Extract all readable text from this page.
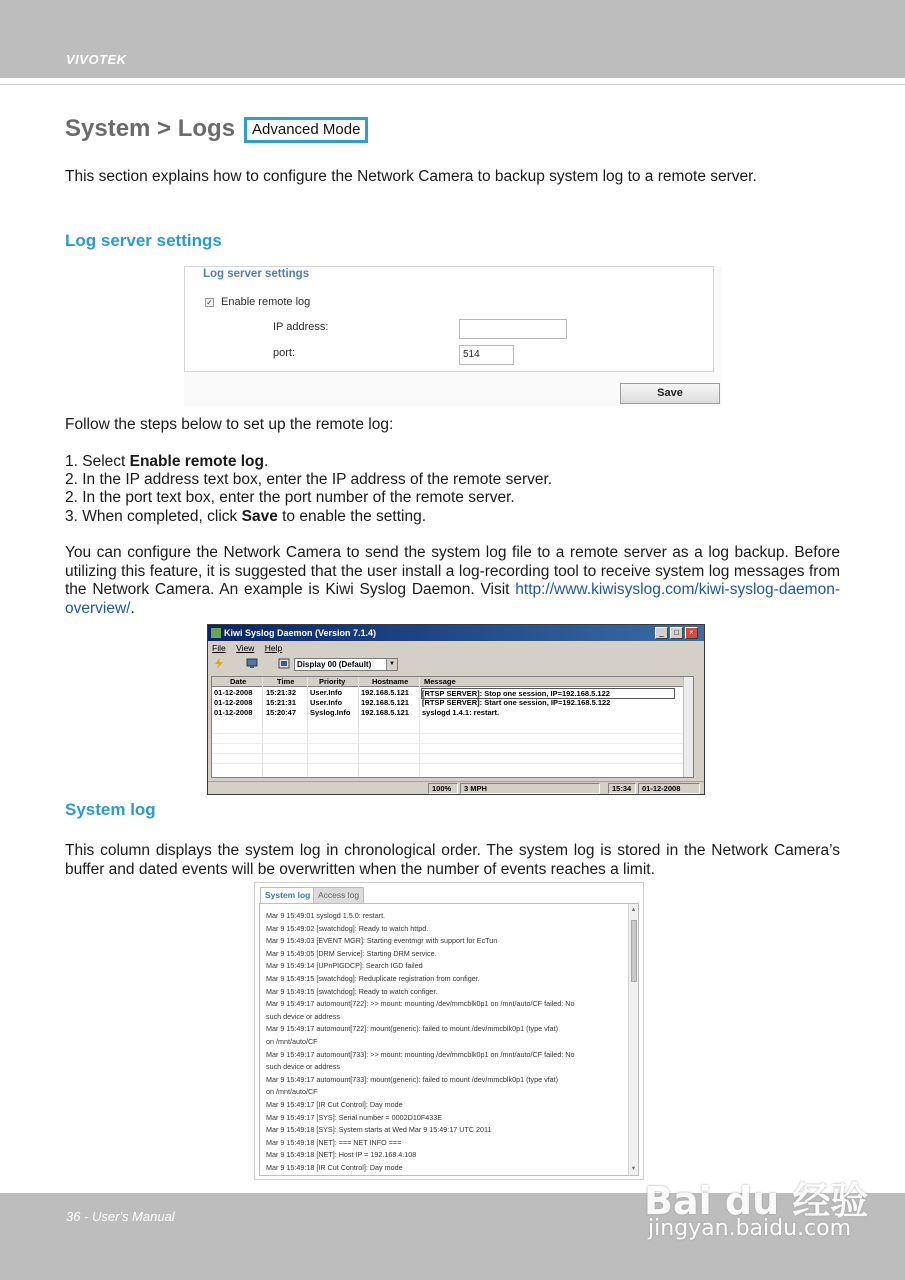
VIVOTEK
System > Logs	Advanced Mode
This section explains how to configure the Network Camera to backup system log to a remote server.
Log server settings
Log server settings
✓ Enable remote log
IP address:
port:	514
Save
Follow the steps below to set up the remote log:
1. Select Enable remote log.
2. In the IP address text box, enter the IP address of the remote server.
2. In the port text box, enter the port number of the remote server.
3. When completed, click Save to enable the setting.
You can configure the Network Camera to send the system log file to a remote server as a log backup. Before utilizing this feature, it is suggested that the user install a log-recording tool to receive system log messages from the Network Camera. An example is Kiwi Syslog Daemon. Visit http://www.kiwisyslog.com/kiwi-syslog-daemon-overview/.
Kiwi Syslog Daemon (Version 7.1.4)	_	□	×
File View Help
Display 00 (Default)	▼
Date	Time	Priority	Hostname Message
01-12-2008 15:21:32 User.Info	192.168.5.121 [RTSP SERVER]: Stop one session, IP=192.168.5.122
01-12-2008 15:21:31 User.Info	192.168.5.121 [RTSP SERVER]: Start one session, IP=192.168.5.122
01-12-2008 15:20:47 Syslog.Info 192.168.5.121 syslogd 1.4.1: restart.
100%	3 MPH	15:34	01-12-2008
System log
This column displays the system log in chronological order. The system log is stored in the Network Camera’s buffer and dated events will be overwritten when the number of events reaches a limit.
System log Access log
Mar 9 15:49:01 syslogd 1.5.0: restart.
Mar 9 15:49:02 [swatchdog]: Ready to watch httpd.
Mar 9 15:49:03 [EVENT MGR]: Starting eventmgr with support for EcTun
Mar 9 15:49:05 [DRM Service]: Starting DRM service.
Mar 9 15:49:14 [UPnPIGDCP]: Search IGD failed
Mar 9 15:49:15 [swatchdog]: Reduplicate registration from configer.
Mar 9 15:49:15 [swatchdog]: Ready to watch configer.
Mar 9 15:49:17 automount[722]: >> mount: mounting /dev/mmcblk0p1 on /mnt/auto/CF failed: No
such device or address
Mar 9 15:49:17 automount[722]: mount(generic): failed to mount /dev/mmcblk0p1 (type vfat)
on /mnt/auto/CF
Mar 9 15:49:17 automount[733]: >> mount: mounting /dev/mmcblk0p1 on /mnt/auto/CF failed: No
such device or address
Mar 9 15:49:17 automount[733]: mount(generic): failed to mount /dev/mmcblk0p1 (type vfat)
on /mnt/auto/CF
Mar 9 15:49:17 [IR Cut Control]: Day mode
Mar 9 15:49:17 [SYS]: Serial number = 0002D10F433E
Mar 9 15:49:18 [SYS]: System starts at Wed Mar 9 15:49:17 UTC 2011
Mar 9 15:49:18 [NET]: === NET INFO ===
Mar 9 15:49:18 [NET]: Host IP = 192.168.4.108
Mar 9 15:49:18 [IR Cut Control]: Day mode
▲
▼
36 - User's Manual	Bai du 经验
jingyan.baidu.com
